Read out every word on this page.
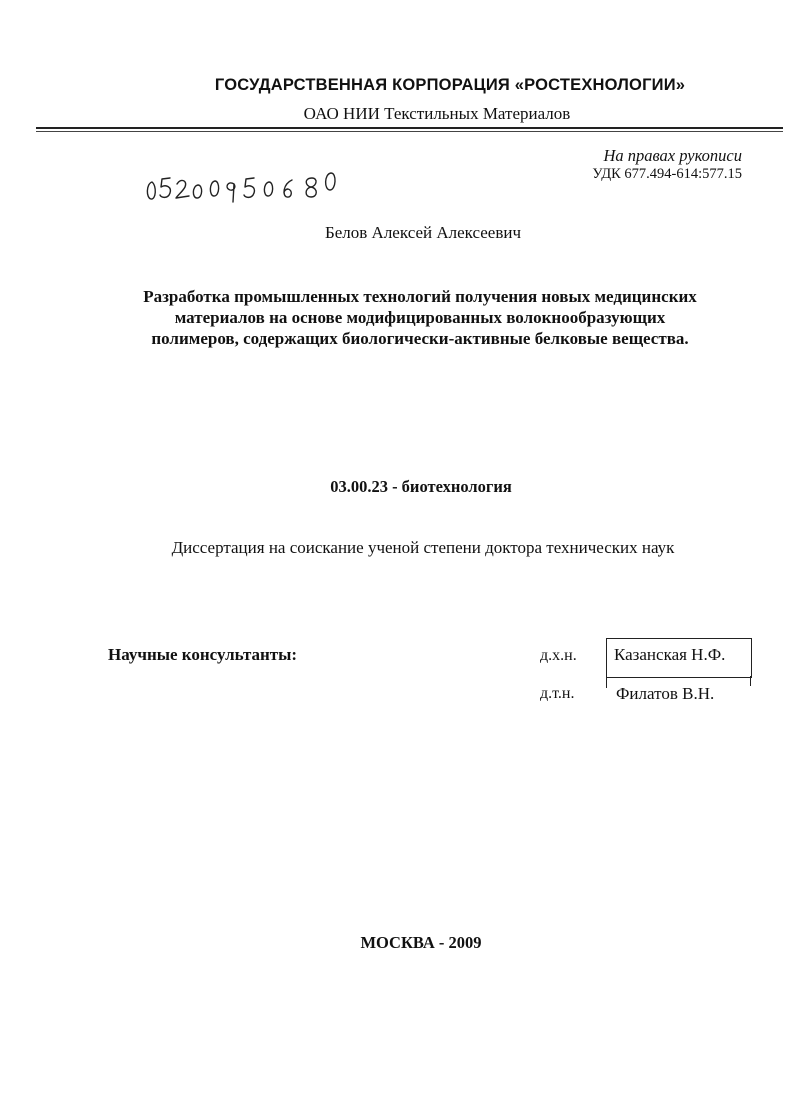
ГОСУДАРСТВЕННАЯ КОРПОРАЦИЯ «РОСТЕХНОЛОГИИ»
ОАО НИИ Текстильных Материалов
На правах рукописи
УДК 677.494-614:577.15
Белов Алексей Алексеевич
Разработка промышленных технологий получения новых медицинских
материалов на основе модифицированных волокнообразующих
полимеров, содержащих биологически-активные белковые вещества.
03.00.23 - биотехнология
Диссертация на соискание ученой степени доктора технических наук
Научные консультанты:	д.х.н.
д.т.н.
Казанская Н.Ф.
Филатов В.Н.
МОСКВА - 2009
